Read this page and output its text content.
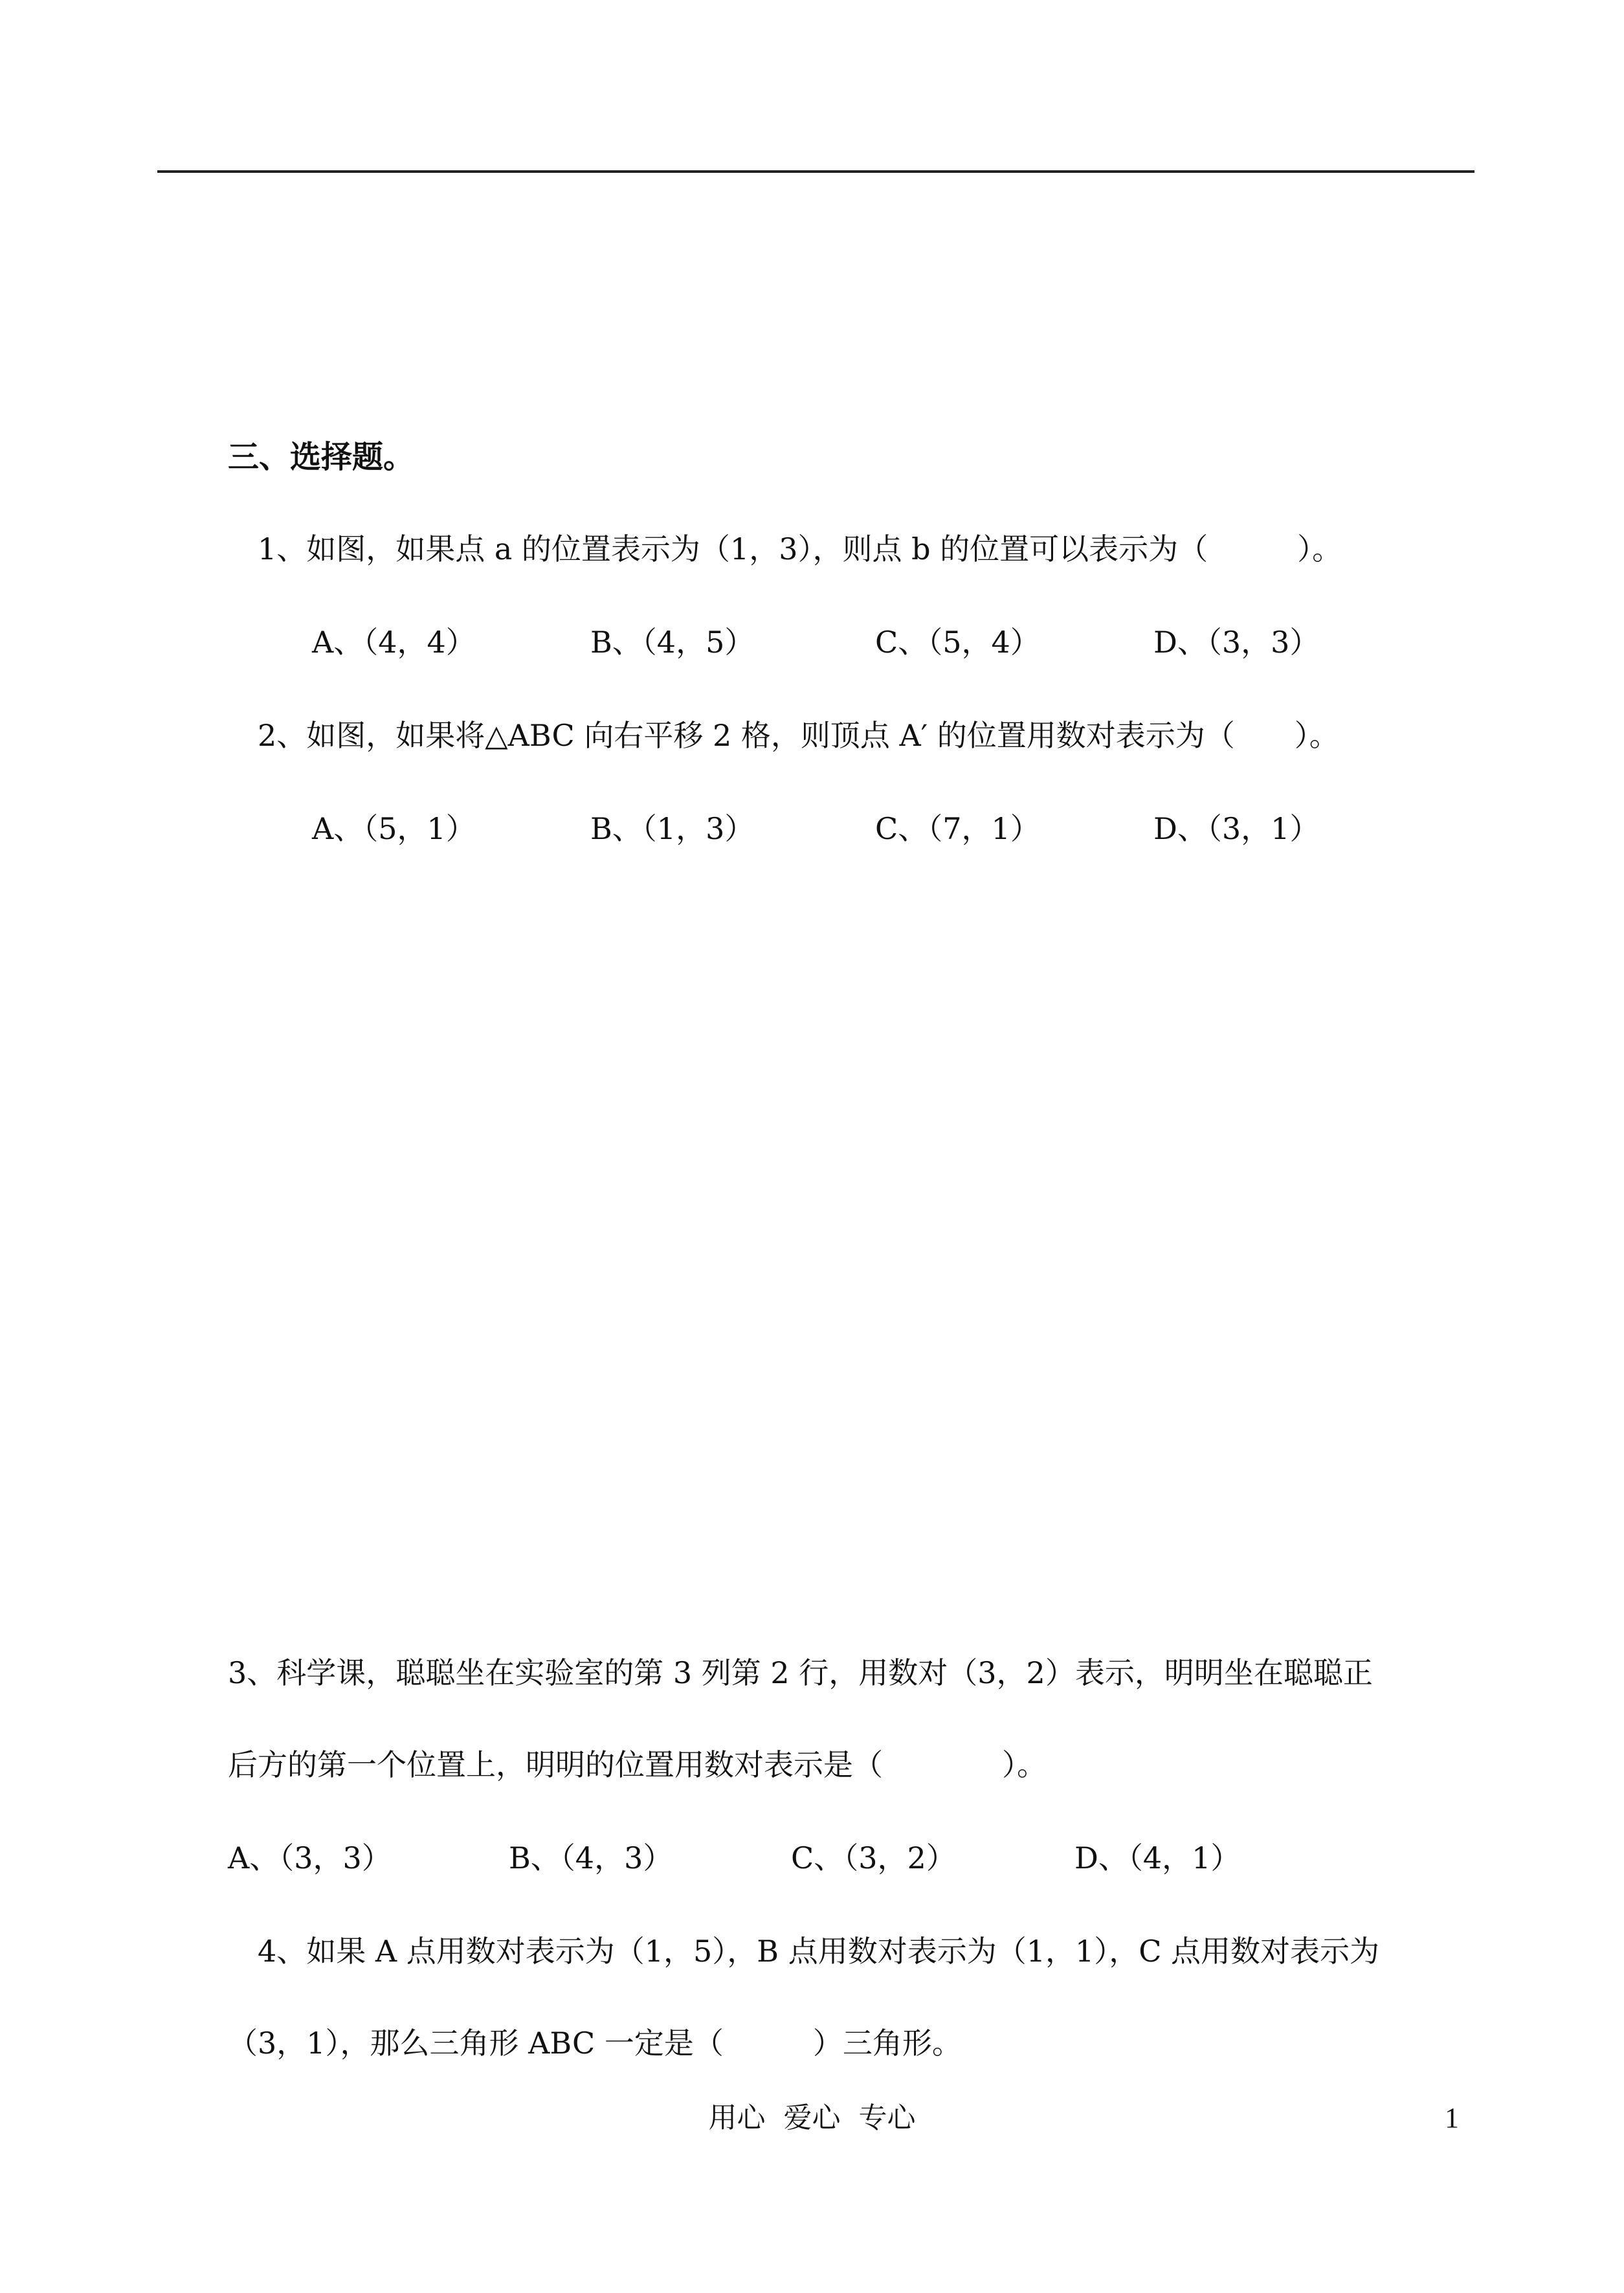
三、选择题。
1、如图，如果点 a 的位置表示为（1，3），则点 b 的位置可以表示为（　　　）。
A、（4，4）	B、（4，5）	C、（5，4）	D、（3，3）
2、如图，如果将△ABC 向右平移 2 格，则顶点 A′ 的位置用数对表示为（　　）。
A、（5，1）	B、（1，3）	C、（7，1）	D、（3，1）
3、科学课，聪聪坐在实验室的第 3 列第 2 行，用数对（3，2）表示，明明坐在聪聪正
后方的第一个位置上，明明的位置用数对表示是（　　　　）。
A、（3，3）	B、（4，3）	C、（3，2）	D、（4，1）
4、如果 A 点用数对表示为（1，5），B 点用数对表示为（1，1），C 点用数对表示为
（3，1），那么三角形 ABC 一定是（　　　）三角形。
用心  爱心  专心	1
